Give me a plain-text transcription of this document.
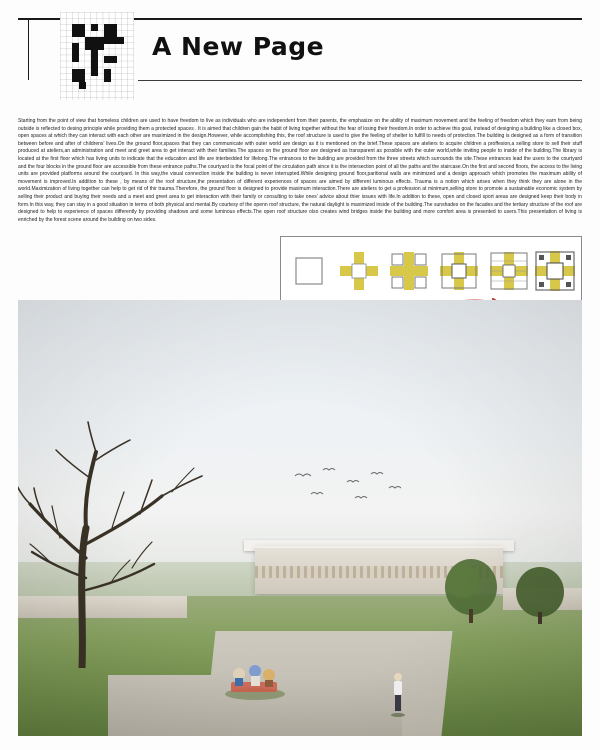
A New Page
Starting from the point of view that homeless children are used to have freedom to live as individuals who are independent from their parents, the emphasize on the ability of maximum movement and the feeling of freedom which they earn from being outside is reflected to desing principle while providing them a protected spaces . It is aimed that children gain the habit of living together without the fear of losing their freedom.In order to achieve this goal, instead of designing a building like a closed box, open spaces at which they can interact with each other are maximized in the design.However, while accomplishing this, the roof structure is used to give the feeling of shelter to fulfill to needs of protection.The building is designed as a form of transition between before and after of childrens' lives.On the ground floor,spaces that they can communicate with outer world are design as it is mentioned on the brief.These spaces are ateliers to acquire children a proffesion,a selling store to sell their stuff produced at ateliers,an administration and meet and greet area to get interact with their families.The spaces on the ground floor are designed as transparent as possible with the outer world,while inviting people to inside of the building.The library is located at the first floor which has living units to indicate that the education and life are interbedded for lifelong.The entrances to the building are provided from the three streets which surrounds the site.These entrances lead the users to the courtyard and the four blocks in the ground floor are accessible from these entrance paths.The courtyard is the focal point of the circulation path since it is the intersection point of all the paths and the staircase.On the first and second floors, the access to the living units are provided platforms around the courtyard. In this way,the visual connection inside the building is never interrupted.While designing ground floor,paritional walls are minimized and a design approach which promotes the maximum ability of movement is improved.In addition to these , by means of the roof structure,the presentation of different experiences of spaces are aimed by different luminous effects. Trauma is a notion which arises when they think they are alone in the world.Maximization of living together can help to get rid of thir trauma.Therefore, the ground floor is designed to provide maximum interaction.There are ateliers to get a profession at minimum,selling store to promote a sustainable economic system by selling their product and buying their needs and a meet and greet area to get interaction with their family or consulting to take ones' advice about thier issues with life.In addition to these, open and closed sport areas are designed keep their body in form.In this way, they can stay in a good situation in terms of both physical and mental.By courtesy of the openn roof structure, the natural daylight is maximized inside of the building.The sunshades on the facades and the tertiary structure of the roof are designed to help to experience of spaces differently by providing shadows and some luminous effects.The open roof structure olso creates wind bridges inside the building and more comfort area is presented to users.This presentation of living is enriched by the forest scene around the building on two sides.
